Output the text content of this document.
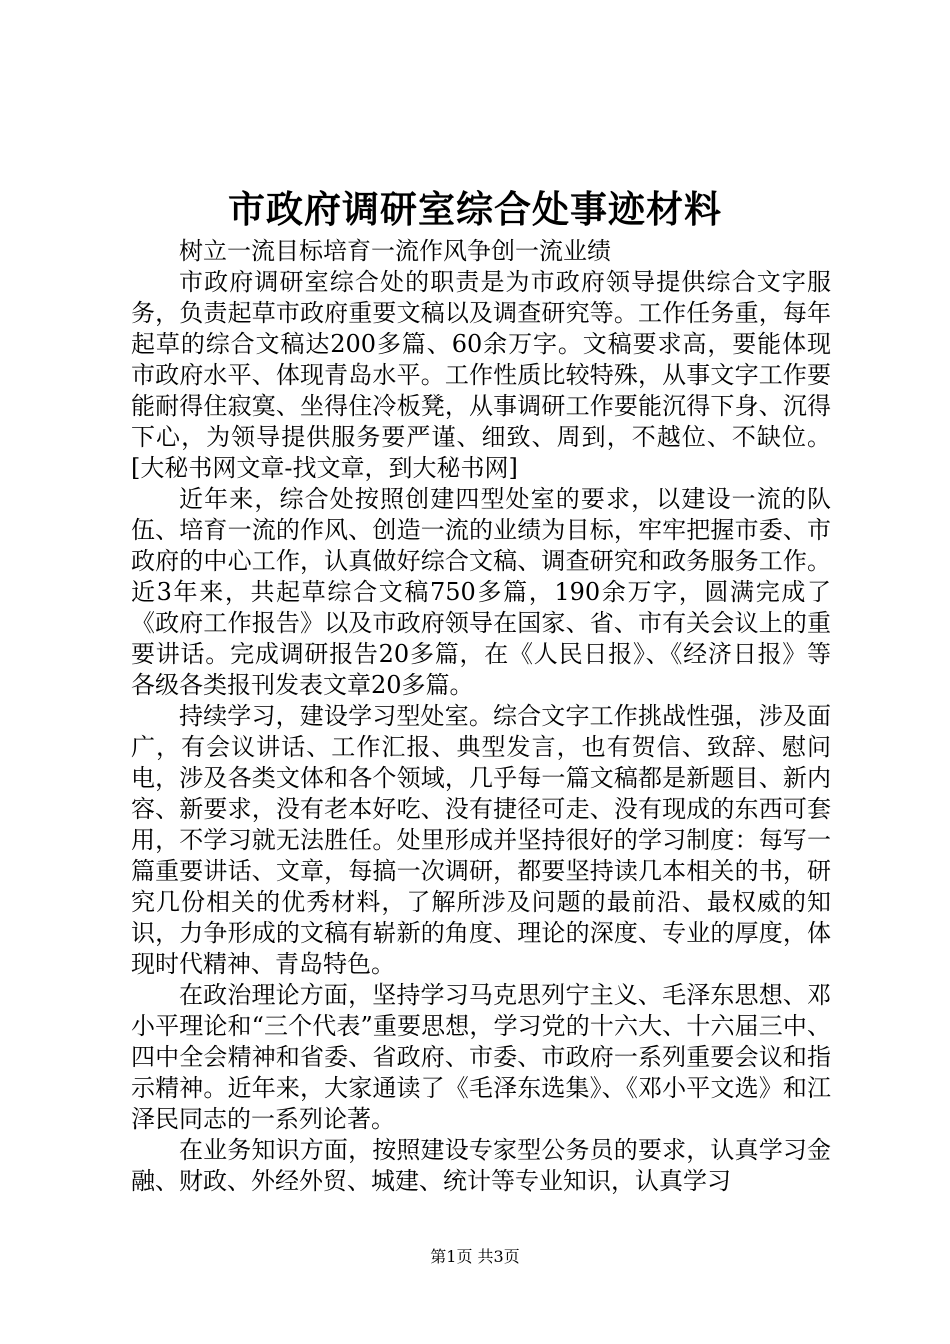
市政府调研室综合处事迹材料

树立一流目标培育一流作风争创一流业绩

市政府调研室综合处的职责是为市政府领导提供综合文字服务，负责起草市政府重要文稿以及调查研究等。工作任务重，每年起草的综合文稿达200多篇、60余万字。文稿要求高，要能体现市政府水平、体现青岛水平。工作性质比较特殊，从事文字工作要能耐得住寂寞、坐得住冷板凳，从事调研工作要能沉得下身、沉得下心，为领导提供服务要严谨、细致、周到，不越位、不缺位。[大秘书网文章-找文章，到大秘书网]

近年来，综合处按照创建四型处室的要求，以建设一流的队伍、培育一流的作风、创造一流的业绩为目标，牢牢把握市委、市政府的中心工作，认真做好综合文稿、调查研究和政务服务工作。近3年来，共起草综合文稿750多篇，190余万字，圆满完成了《政府工作报告》以及市政府领导在国家、省、市有关会议上的重要讲话。完成调研报告20多篇，在《人民日报》、《经济日报》等各级各类报刊发表文章20多篇。

持续学习，建设学习型处室。综合文字工作挑战性强，涉及面广，有会议讲话、工作汇报、典型发言，也有贺信、致辞、慰问电，涉及各类文体和各个领域，几乎每一篇文稿都是新题目、新内容、新要求，没有老本好吃、没有捷径可走、没有现成的东西可套用，不学习就无法胜任。处里形成并坚持很好的学习制度：每写一篇重要讲话、文章，每搞一次调研，都要坚持读几本相关的书，研究几份相关的优秀材料，了解所涉及问题的最前沿、最权威的知识，力争形成的文稿有崭新的角度、理论的深度、专业的厚度，体现时代精神、青岛特色。

在政治理论方面，坚持学习马克思列宁主义、毛泽东思想、邓小平理论和“三个代表”重要思想，学习党的十六大、十六届三中、四中全会精神和省委、省政府、市委、市政府一系列重要会议和指示精神。近年来，大家通读了《毛泽东选集》、《邓小平文选》和江泽民同志的一系列论著。

在业务知识方面，按照建设专家型公务员的要求，认真学习金融、财政、外经外贸、城建、统计等专业知识，认真学习

第1页 共3页
